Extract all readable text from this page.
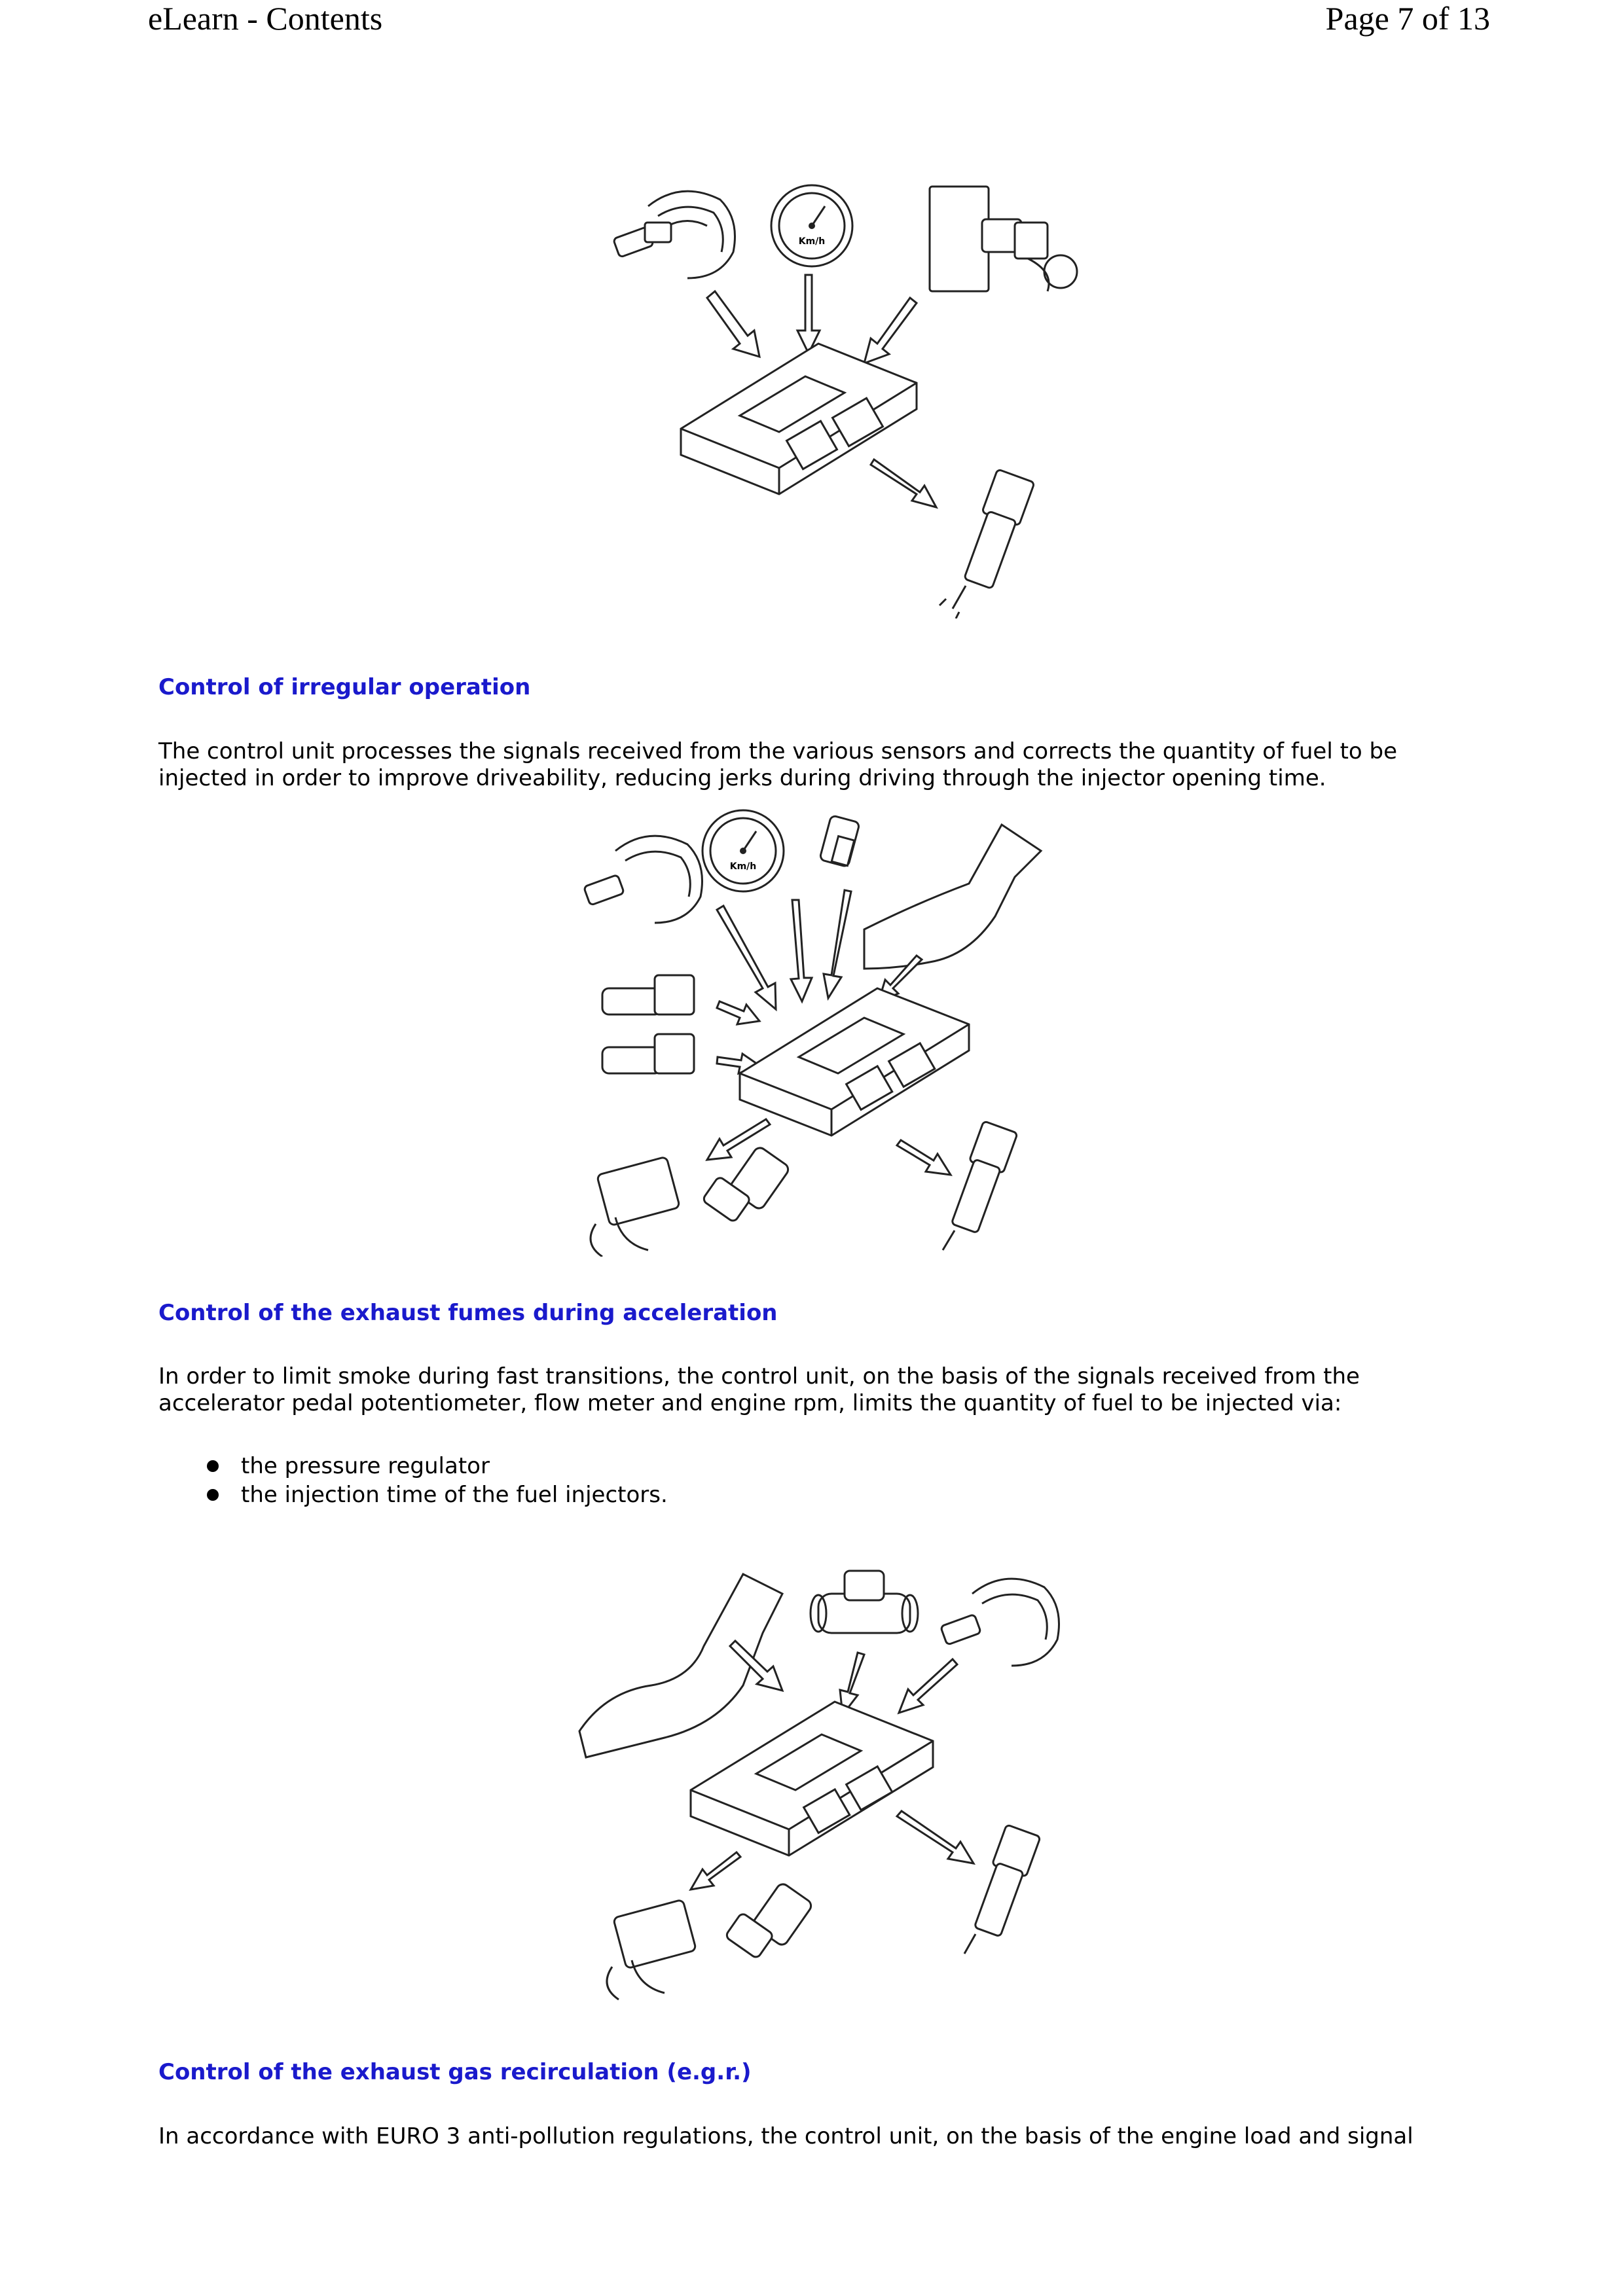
eLearn - Contents	Page 7 of 13
Km/h
Control of irregular operation

The control unit processes the signals received from the various sensors and corrects the quantity of fuel to be injected in order to improve driveability, reducing jerks during driving through the injector opening time.

Km/h
Control of the exhaust fumes during acceleration

In order to limit smoke during fast transitions, the control unit, on the basis of the signals received from the accelerator pedal potentiometer, flow meter and engine rpm, limits the quantity of fuel to be injected via:

the pressure regulator
the injection time of the fuel injectors.
Control of the exhaust gas recirculation (e.g.r.)

In accordance with EURO 3 anti-pollution regulations, the control unit, on the basis of the engine load and signal
